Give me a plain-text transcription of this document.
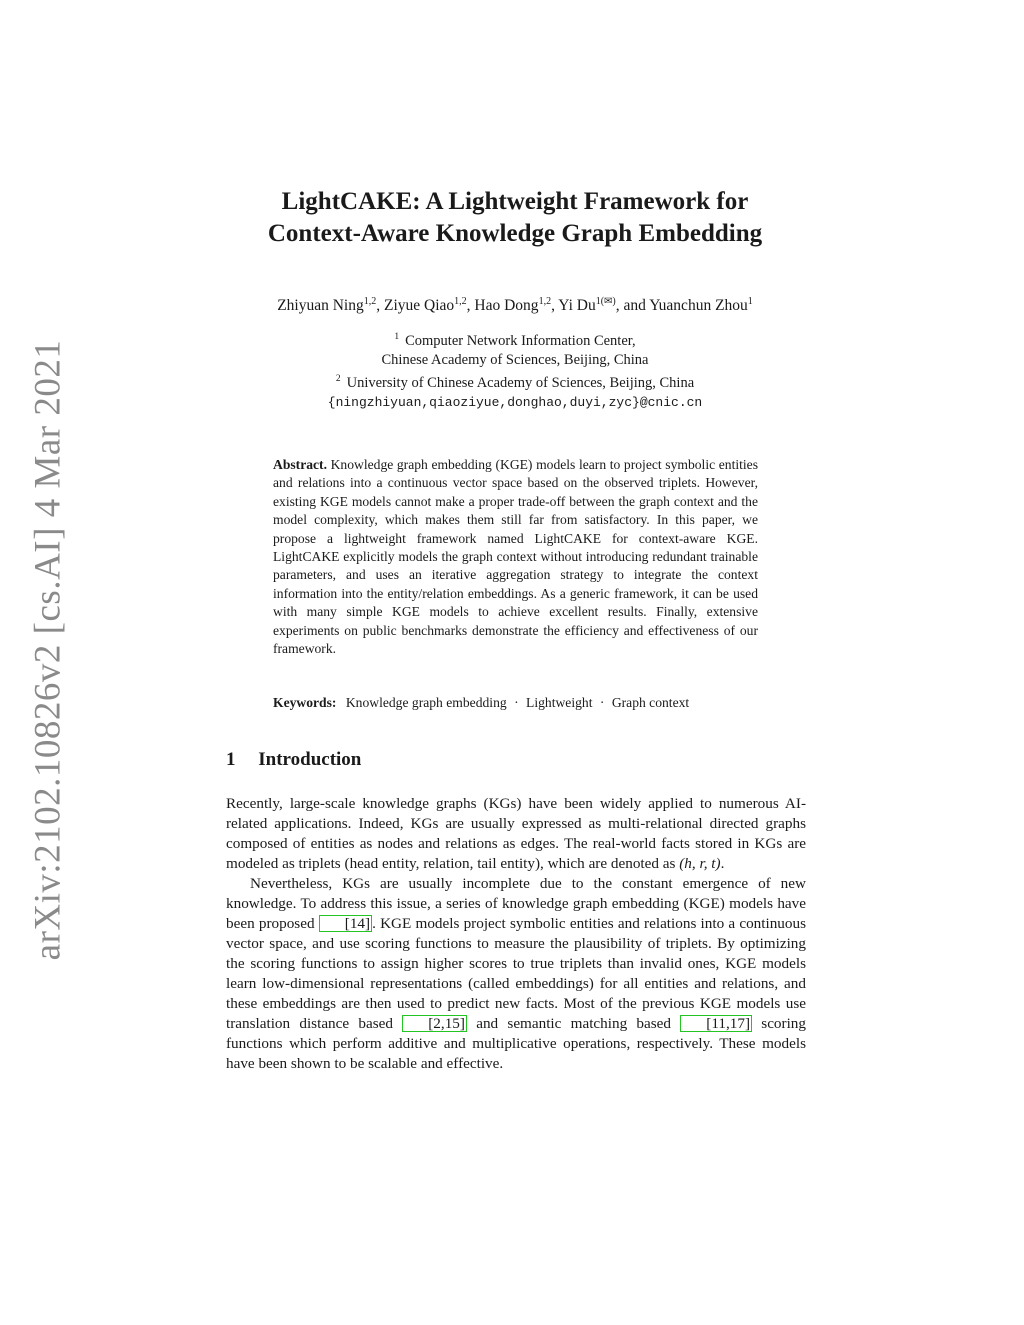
arXiv:2102.10826v2 [cs.AI] 4 Mar 2021
LightCAKE: A Lightweight Framework for
Context-Aware Knowledge Graph Embedding
Zhiyuan Ning$^{1,2}$, Ziyue Qiao$^{1,2}$, Hao Dong$^{1,2}$, Yi $Du^{1(✉)}$, and Yuanchun Zhou$^1$
$^1$ Computer Network Information Center,
Chinese Academy of Sciences, Beijing, China
$^2$ University of Chinese Academy of Sciences, Beijing, China
{ningzhiyuan,qiaoziyue,donghao,duyi,zyc}@cnic.cn
Abstract. Knowledge graph embedding (KGE) models learn to project symbolic entities and relations into a continuous vector space based on the observed triplets. However, existing KGE models cannot make a proper trade-off between the graph context and the model complexity, which makes them still far from satisfactory. In this paper, we propose a lightweight framework named LightCAKE for context-aware KGE. LightCAKE explicitly models the graph context without introducing redundant trainable parameters, and uses an iterative aggregation strategy to integrate the context information into the entity/relation embeddings. As a generic framework, it can be used with many simple KGE models to achieve excellent results. Finally, extensive experiments on public benchmarks demonstrate the efficiency and effectiveness of our framework.
Keywords: Knowledge graph embedding · Lightweight · Graph context
1 Introduction

Recently, large-scale knowledge graphs (KGs) have been widely applied to numerous AI-related applications. Indeed, KGs are usually expressed as multi-relational directed graphs composed of entities as nodes and relations as edges. The real-world facts stored in KGs are modeled as triplets (head entity, relation, tail entity), which are denoted as (h, r, t).

Nevertheless, KGs are usually incomplete due to the constant emergence of new knowledge. To address this issue, a series of knowledge graph embedding (KGE) models have been proposed [14] . KGE models project symbolic entities and relations into a continuous vector space, and use scoring functions to measure the plausibility of triplets. By optimizing the scoring functions to assign higher scores to true triplets than invalid ones, KGE models learn low-dimensional representations (called embeddings) for all entities and relations, and these embeddings are then used to predict new facts. Most of the previous KGE models use translation distance based [2,15] and semantic matching based [11,17] scoring functions which perform additive and multiplicative operations, respectively. These models have been shown to be scalable and effective.
